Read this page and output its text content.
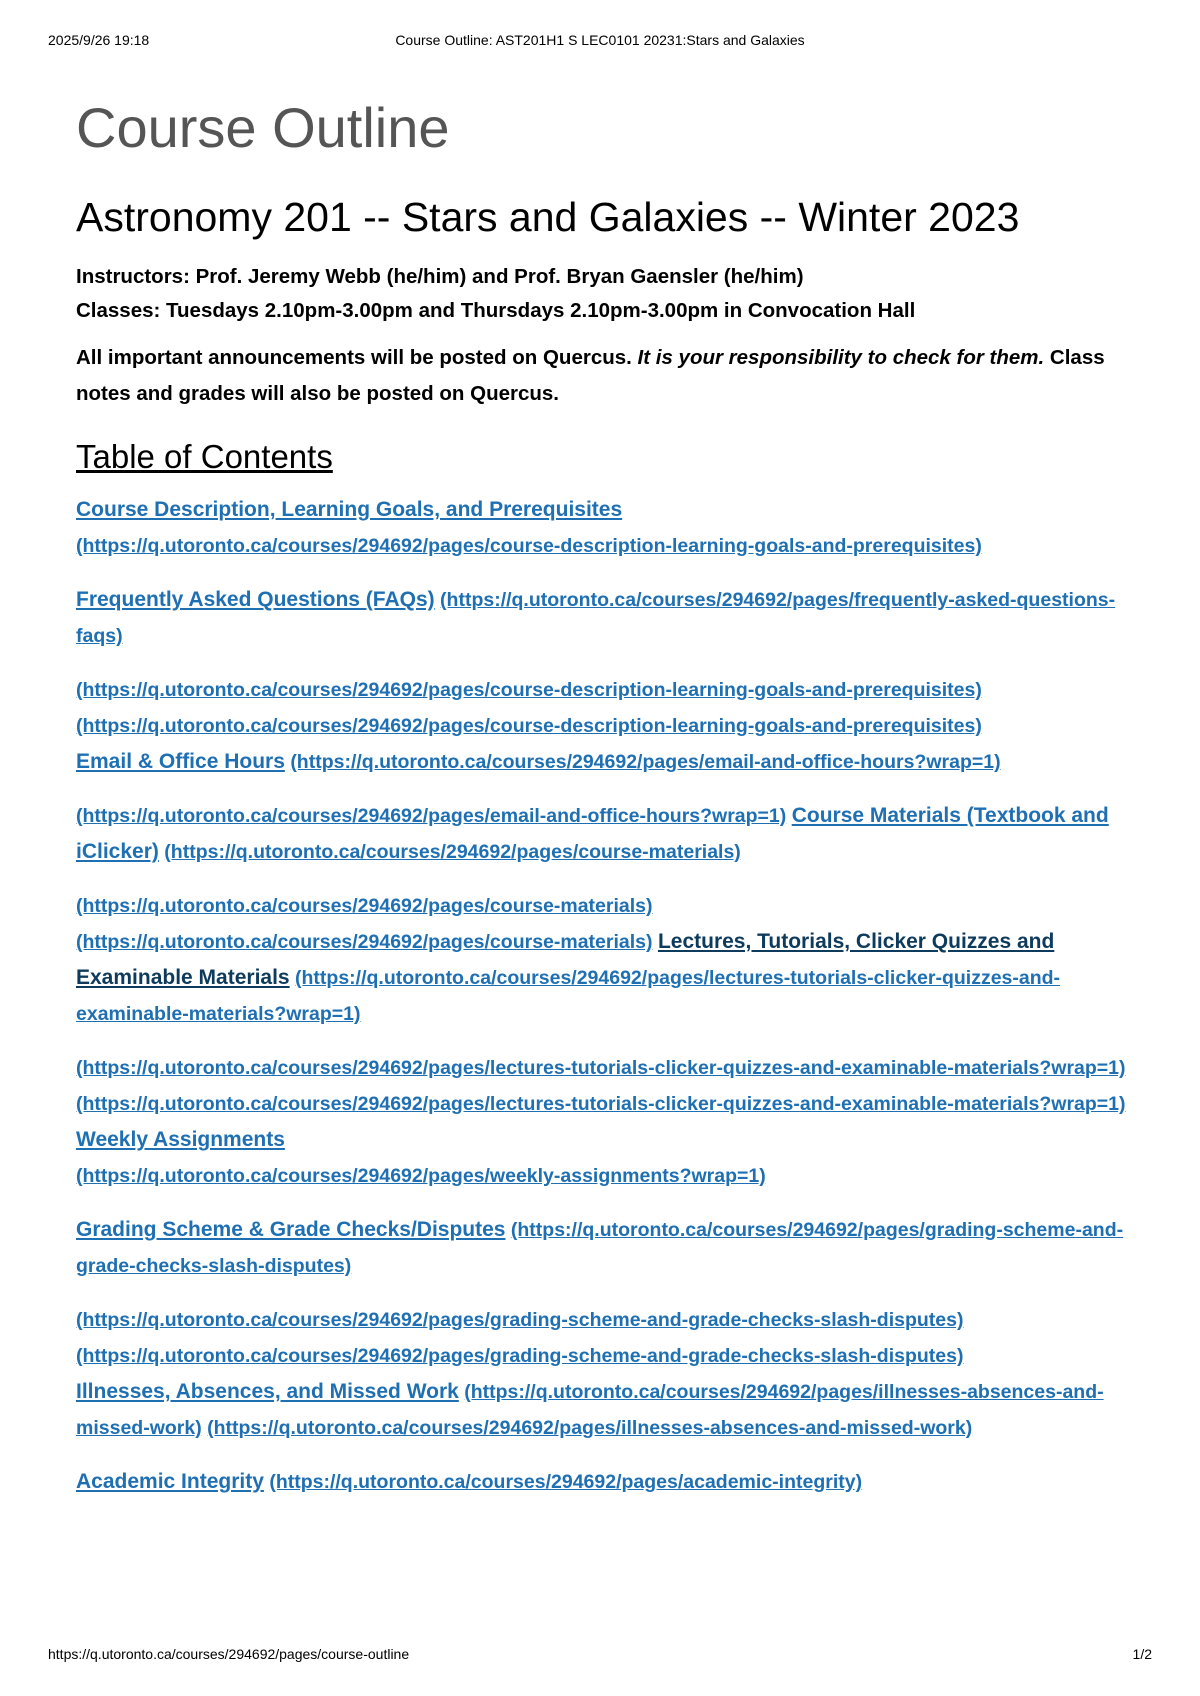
2025/9/26 19:18	Course Outline: AST201H1 S LEC0101 20231:Stars and Galaxies
Course Outline
Astronomy 201 -- Stars and Galaxies -- Winter 2023
Instructors: Prof. Jeremy Webb (he/him) and Prof. Bryan Gaensler (he/him)
Classes: Tuesdays 2.10pm-3.00pm and Thursdays 2.10pm-3.00pm in Convocation Hall

All important announcements will be posted on Quercus. It is your responsibility to check for them. Class notes and grades will also be posted on Quercus.

Table of Contents

Course Description, Learning Goals, and Prerequisites
(https://q.utoronto.ca/courses/294692/pages/course-description-learning-goals-and-prerequisites)

Frequently Asked Questions (FAQs) (https://q.utoronto.ca/courses/294692/pages/frequently-asked-questions-faqs)

(https://q.utoronto.ca/courses/294692/pages/course-description-learning-goals-and-prerequisites)
(https://q.utoronto.ca/courses/294692/pages/course-description-learning-goals-and-prerequisites)
Email & Office Hours (https://q.utoronto.ca/courses/294692/pages/email-and-office-hours?wrap=1)

(https://q.utoronto.ca/courses/294692/pages/email-and-office-hours?wrap=1) Course Materials (Textbook and iClicker) (https://q.utoronto.ca/courses/294692/pages/course-materials)

(https://q.utoronto.ca/courses/294692/pages/course-materials)
(https://q.utoronto.ca/courses/294692/pages/course-materials) Lectures, Tutorials, Clicker Quizzes and Examinable Materials (https://q.utoronto.ca/courses/294692/pages/lectures-tutorials-clicker-quizzes-and-examinable-materials?wrap=1)

(https://q.utoronto.ca/courses/294692/pages/lectures-tutorials-clicker-quizzes-and-examinable-materials?wrap=1) (https://q.utoronto.ca/courses/294692/pages/lectures-tutorials-clicker-quizzes-and-examinable-materials?wrap=1) Weekly Assignments
(https://q.utoronto.ca/courses/294692/pages/weekly-assignments?wrap=1)

Grading Scheme & Grade Checks/Disputes (https://q.utoronto.ca/courses/294692/pages/grading-scheme-and-grade-checks-slash-disputes)

(https://q.utoronto.ca/courses/294692/pages/grading-scheme-and-grade-checks-slash-disputes)
(https://q.utoronto.ca/courses/294692/pages/grading-scheme-and-grade-checks-slash-disputes)
Illnesses, Absences, and Missed Work (https://q.utoronto.ca/courses/294692/pages/illnesses-absences-and-missed-work) (https://q.utoronto.ca/courses/294692/pages/illnesses-absences-and-missed-work)

Academic Integrity (https://q.utoronto.ca/courses/294692/pages/academic-integrity)

https://q.utoronto.ca/courses/294692/pages/course-outline	1/2
